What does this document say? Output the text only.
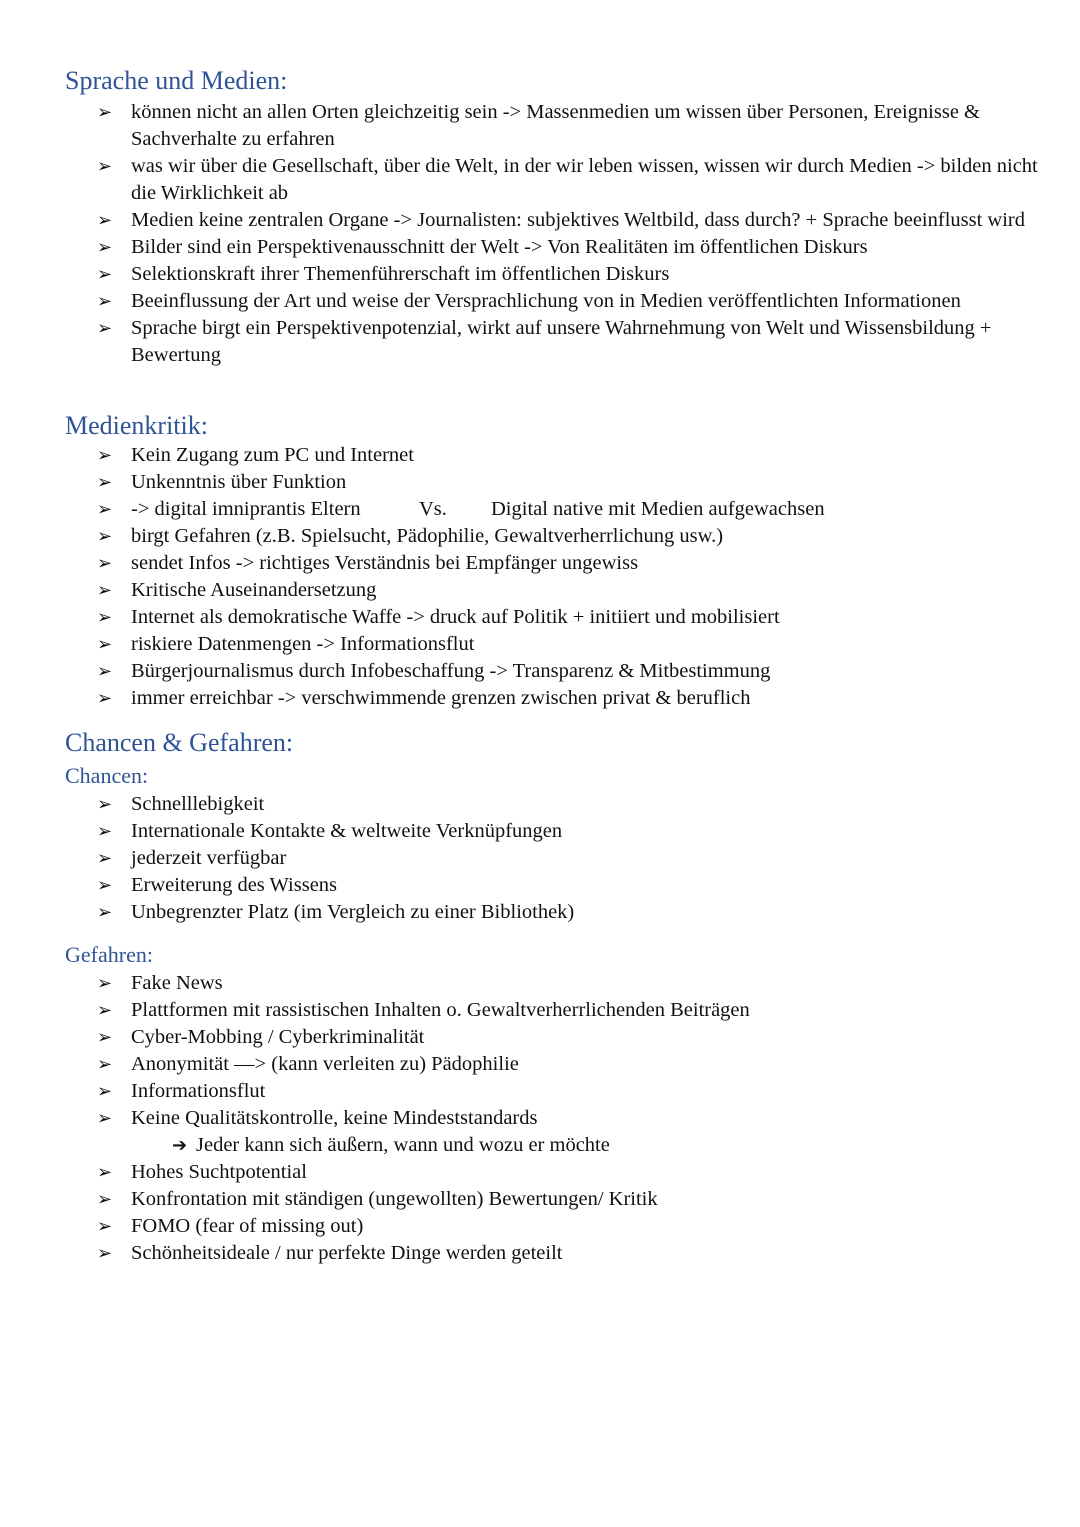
Sprache und Medien:
➢ können nicht an allen Orten gleichzeitig sein -> Massenmedien um wissen über Personen, Ereignisse & Sachverhalte zu erfahren
➢ was wir über die Gesellschaft, über die Welt, in der wir leben wissen, wissen wir durch Medien -> bilden nicht die Wirklichkeit ab
➢ Medien keine zentralen Organe -> Journalisten: subjektives Weltbild, dass durch? + Sprache beeinflusst wird
➢ Bilder sind ein Perspektivenausschnitt der Welt -> Von Realitäten im öffentlichen Diskurs
➢ Selektionskraft ihrer Themenführerschaft im öffentlichen Diskurs
➢ Beeinflussung der Art und weise der Versprachlichung von in Medien veröffentlichten Informationen
➢ Sprache birgt ein Perspektivenpotenzial, wirkt auf unsere Wahrnehmung von Welt und Wissensbildung + Bewertung
Medienkritik:
➢ Kein Zugang zum PC und Internet
➢ Unkenntnis über Funktion
➢ -> digital imniprantis Eltern	Vs. Digital native mit Medien aufgewachsen
➢ birgt Gefahren (z.B. Spielsucht, Pädophilie, Gewaltverherrlichung usw.)
➢ sendet Infos -> richtiges Verständnis bei Empfänger ungewiss
➢ Kritische Auseinandersetzung
➢ Internet als demokratische Waffe -> druck auf Politik + initiiert und mobilisiert
➢ riskiere Datenmengen -> Informationsflut
➢ Bürgerjournalismus durch Infobeschaffung -> Transparenz & Mitbestimmung
➢ immer erreichbar -> verschwimmende grenzen zwischen privat & beruflich
Chancen & Gefahren:
Chancen:
➢ Schnelllebigkeit
➢ Internationale Kontakte & weltweite Verknüpfungen
➢ jederzeit verfügbar
➢ Erweiterung des Wissens
➢ Unbegrenzter Platz (im Vergleich zu einer Bibliothek)
Gefahren:
➢ Fake News
➢ Plattformen mit rassistischen Inhalten o. Gewaltverherrlichenden Beiträgen
➢ Cyber-Mobbing / Cyberkriminalität
➢ Anonymität —> (kann verleiten zu) Pädophilie
➢ Informationsflut
➢ Keine Qualitätskontrolle, keine Mindeststandards
➔ Jeder kann sich äußern, wann und wozu er möchte
➢ Hohes Suchtpotential
➢ Konfrontation mit ständigen (ungewollten) Bewertungen/ Kritik
➢ FOMO (fear of missing out)
➢ Schönheitsideale / nur perfekte Dinge werden geteilt
